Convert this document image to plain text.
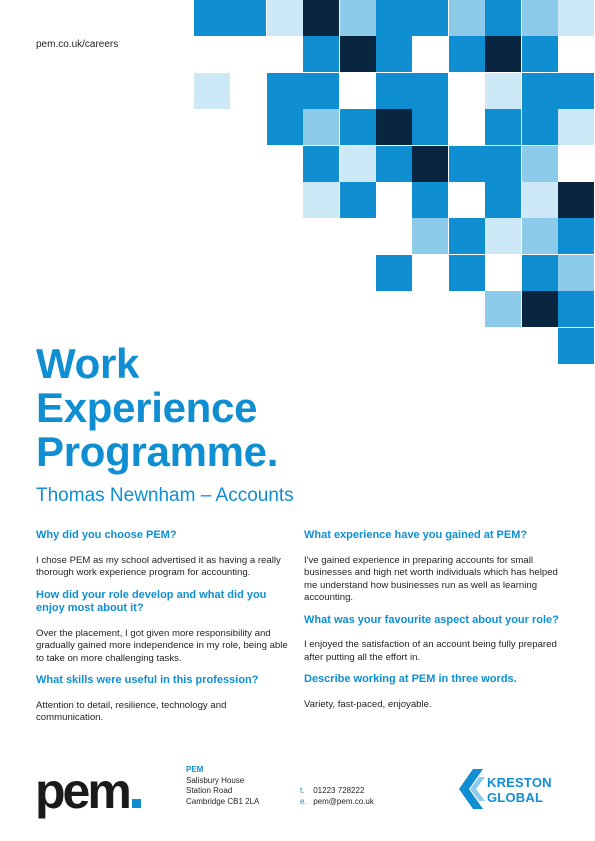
pem.co.uk/careers
Work
Experience
Programme.
Thomas Newnham – Accounts

Why did you choose PEM?

I chose PEM as my school advertised it as having a really thorough work experience program for accounting.

How did your role develop and what did you enjoy most about it?

Over the placement, I got given more responsibility and gradually gained more independence in my role, being able to take on more challenging tasks.

What skills were useful in this profession?

Attention to detail, resilience, technology and communication.

What experience have you gained at PEM?

I've gained experience in preparing accounts for small businesses and high net worth individuals which has helped me understand how businesses run as well as learning accounting.

What was your favourite aspect about your role?

I enjoyed the satisfaction of an account being fully prepared after putting all the effort in.

Describe working at PEM in three words.

Variety, fast-paced, enjoyable.

pem	PEM
Salisbury House
Station Road
Cambridge CB1 2LA
t. 01223 728222
e. pem@pem.co.uk
KRESTON
GLOBAL
